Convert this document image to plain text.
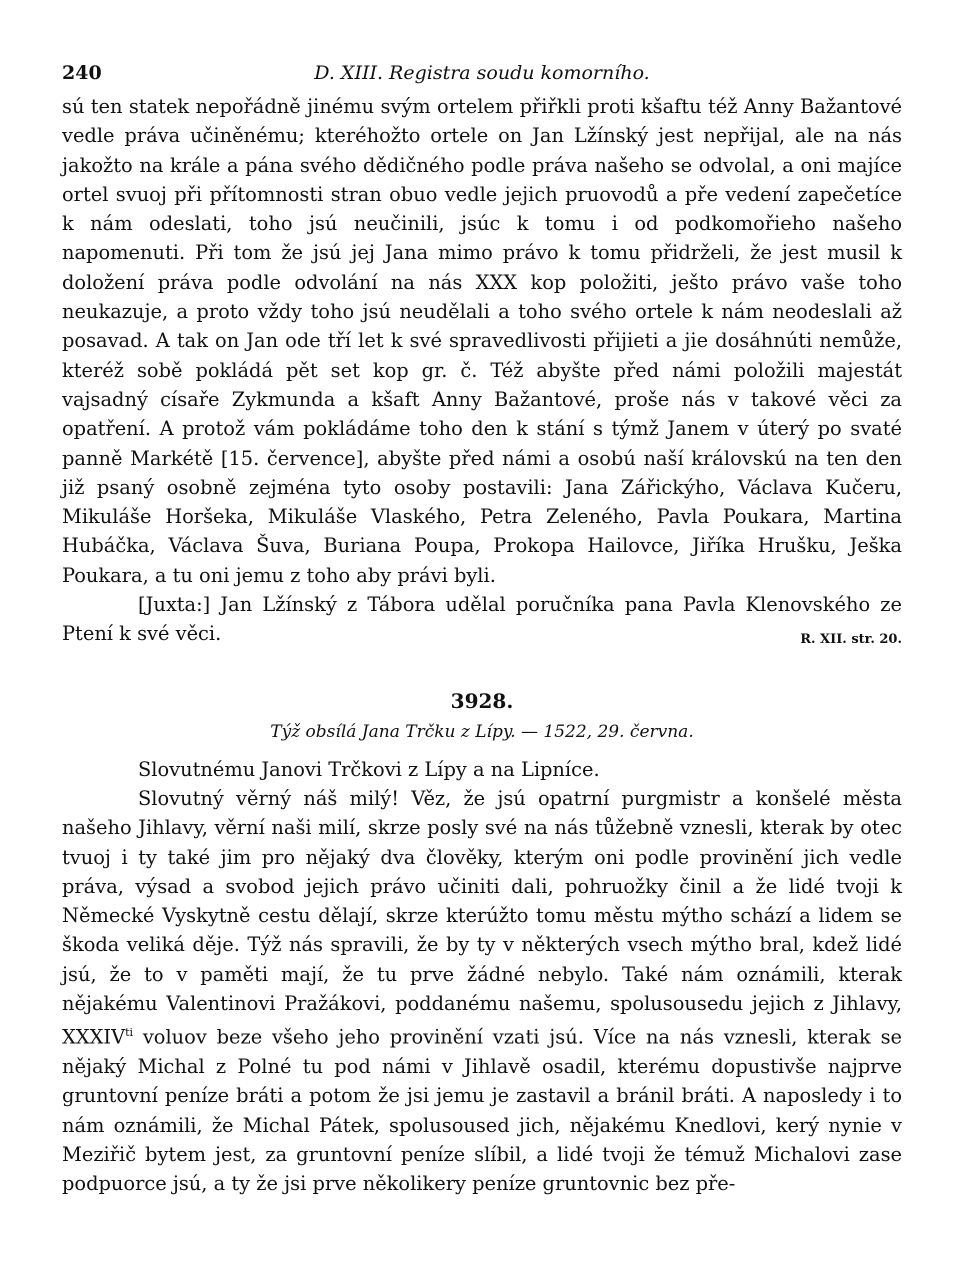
240	D. XIII. Registra soudu komorního.

sú ten statek nepořádně jinému svým ortelem přiřkli proti kšaftu též Anny Bažantové vedle práva učiněnému; kteréhožto ortele on Jan Lžínský jest nepřijal, ale na nás jakožto na krále a pána svého dědičného podle práva našeho se odvolal, a oni majíce ortel svuoj při přítomnosti stran obuo vedle jejich pruovodů a pře vedení zapečetíce k nám odeslati, toho jsú neučinili, jsúc k tomu i od podkomořieho našeho napomenuti. Při tom že jsú jej Jana mimo právo k tomu přidrželi, že jest musil k doložení práva podle odvolání na nás XXX kop položiti, ješto právo vaše toho neukazuje, a proto vždy toho jsú neudělali a toho svého ortele k nám neodeslali až posavad. A tak on Jan ode tří let k své spravedlivosti přijieti a jie dosáhnúti nemůže, kteréž sobě pokládá pět set kop gr. č. Též abyšte před námi položili majestát vajsadný císaře Zykmunda a kšaft Anny Bažantové, proše nás v takové věci za opatření. A protož vám pokládáme toho den k stání s týmž Janem v úterý po svaté panně Markétě [15. července], abyšte před námi a osobú naší královskú na ten den již psaný osobně zejména tyto osoby postavili: Jana Zářickýho, Václava Kučeru, Mikuláše Horšeka, Mikuláše Vlaského, Petra Zeleného, Pavla Poukara, Martina Hubáčka, Václava Šuva, Buriana Poupa, Prokopa Hailovce, Jiříka Hrušku, Ješka Poukara, a tu oni jemu z toho aby právi byli.

[Juxta:] Jan Lžínský z Tábora udělal poručníka pana Pavla Klenovského ze Ptení k své věci.	R. XII. str. 20.

3928.
Týž obsílá Jana Trčku z Lípy. — 1522, 29. června.

Slovutnému Janovi Trčkovi z Lípy a na Lipníce.

Slovutný věrný náš milý! Věz, že jsú opatrní purgmistr a konšelé města našeho Jihlavy, věrní naši milí, skrze posly své na nás tůžebně vznesli, kterak by otec tvuoj i ty také jim pro nějaký dva člověky, kterým oni podle provinění jich vedle práva, výsad a svobod jejich právo učiniti dali, pohruožky činil a že lidé tvoji k Německé Vyskytně cestu dělají, skrze kterúžto tomu městu mýtho schází a lidem se škoda veliká děje. Týž nás spravili, že by ty v některých vsech mýtho bral, kdež lidé jsú, že to v paměti mají, že tu prve žádné nebylo. Také nám oznámili, kterak nějakému Valentinovi Pražákovi, poddanému našemu, spolusousedu jejich z Jihlavy, $XXXIV^{ti}$ voluov beze všeho jeho provinění vzati jsú. Více na nás vznesli, kterak se nějaký Michal z Polné tu pod námi v Jihlavě osadil, kterému dopustivše najprve gruntovní peníze bráti a potom že jsi jemu je zastavil a bránil bráti. A naposledy i to nám oznámili, že Michal Pátek, spolusoused jich, nějakému Knedlovi, kerý nynie v Meziřič bytem jest, za gruntovní peníze slíbil, a lidé tvoji že témuž Michalovi zase podpuorce jsú, a ty že jsi prve několikery peníze gruntovnic bez pře-
